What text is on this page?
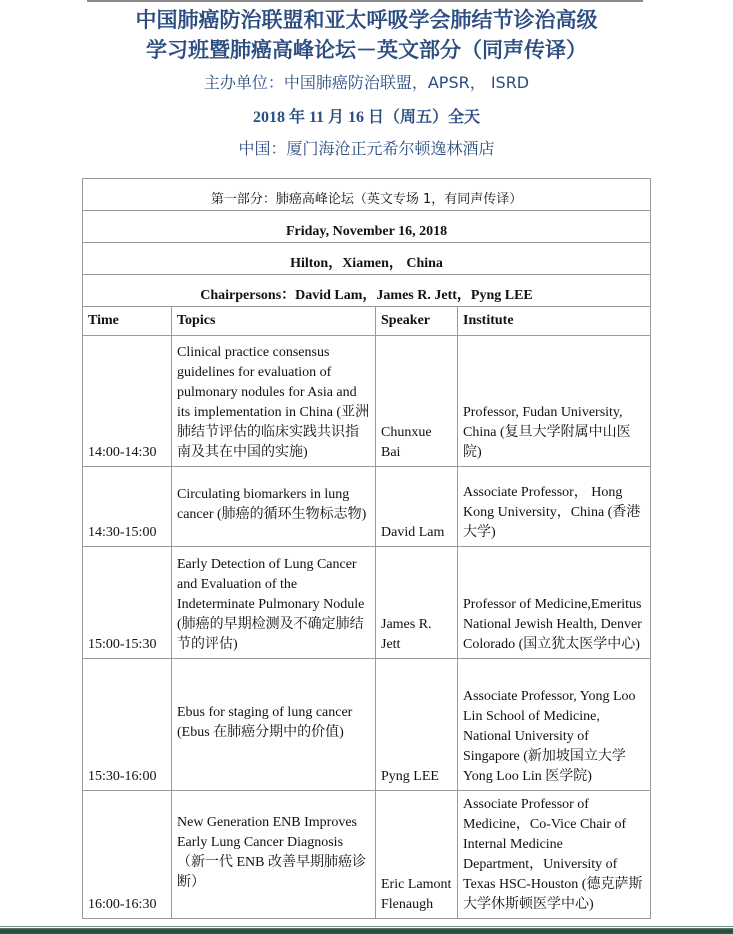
中国肺癌防治联盟和亚太呼吸学会肺结节诊治高级
学习班暨肺癌高峰论坛－英文部分（同声传译）
主办单位：中国肺癌防治联盟，APSR， ISRD
2018 年 11 月 16 日（周五）全天
中国：厦门海沧正元希尔顿逸林酒店
第一部分：肺癌高峰论坛（英文专场 1，有同声传译）			
Friday, November 16, 2018			
Hilton，Xiamen， China			
Chairpersons：David Lam，James R. Jett，Pyng LEE			
Time	Topics	Speaker	Institute
14:00-14:30	Clinical practice consensus guidelines for evaluation of pulmonary nodules for Asia and its implementation in China (亚洲肺结节评估的临床实践共识指南及其在中国的实施)	Chunxue Bai	Professor, Fudan University, China (复旦大学附属中山医院)
14:30-15:00	Circulating biomarkers in lung cancer (肺癌的循环生物标志物)	David Lam	Associate Professor， Hong Kong University，China (香港大学)
15:00-15:30	Early Detection of Lung Cancer and Evaluation of the Indeterminate Pulmonary Nodule (肺癌的早期检测及不确定肺结节的评估)	James R. Jett	Professor of Medicine,Emeritus National Jewish Health, Denver Colorado (国立犹太医学中心)
15:30-16:00	Ebus for staging of lung cancer (Ebus 在肺癌分期中的价值)	Pyng LEE	Associate Professor, Yong Loo Lin School of Medicine, National University of Singapore (新加坡国立大学 Yong Loo Lin 医学院)
16:00-16:30	New Generation ENB Improves Early Lung Cancer Diagnosis （新一代 ENB 改善早期肺癌诊断）	Eric Lamont Flenaugh	Associate Professor of Medicine，Co-Vice Chair of Internal Medicine Department，University of Texas HSC-Houston (德克萨斯大学休斯顿医学中心)
